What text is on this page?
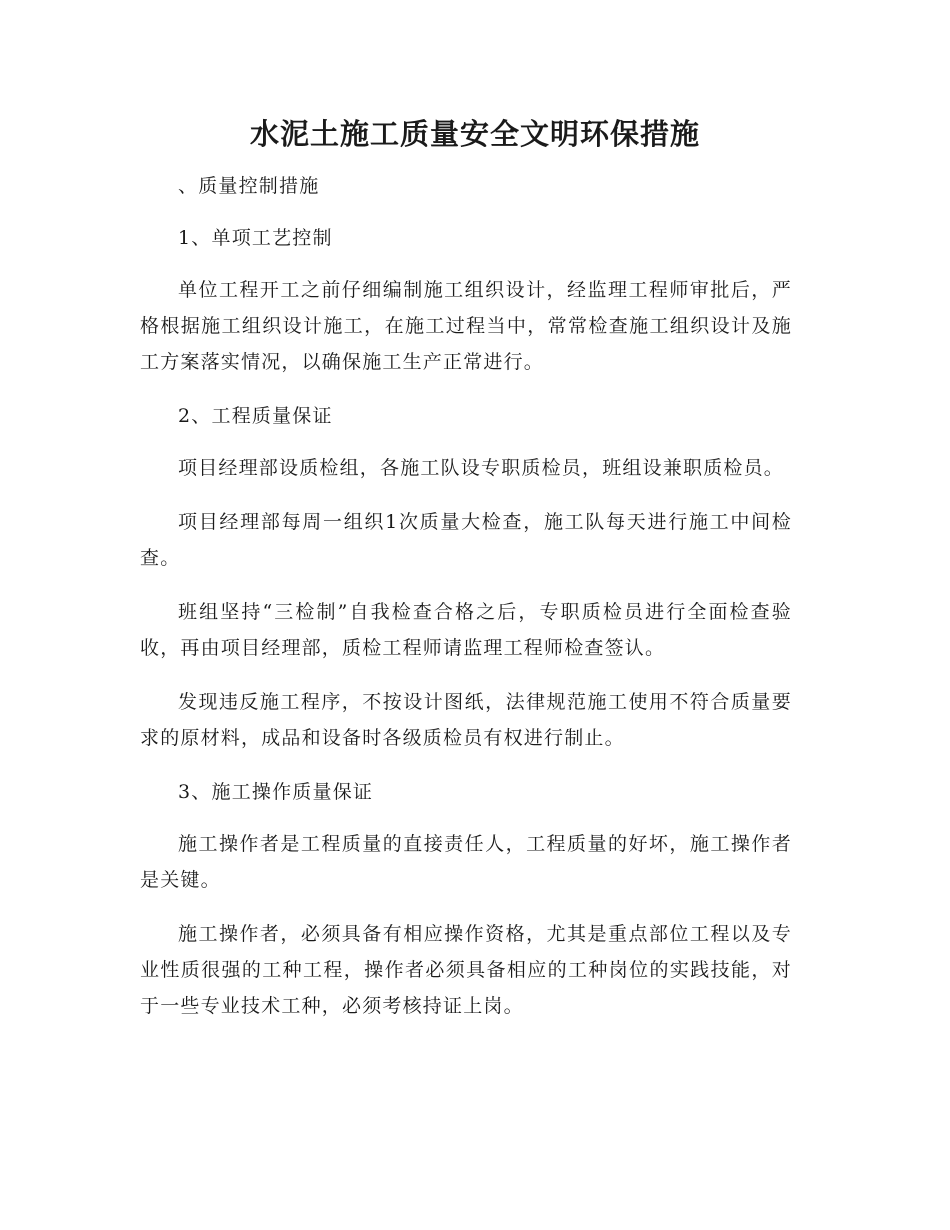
水泥土施工质量安全文明环保措施

、质量控制措施

1、单项工艺控制

单位工程开工之前仔细编制施工组织设计，经监理工程师审批后，严格根据施工组织设计施工，在施工过程当中，常常检查施工组织设计及施工方案落实情况，以确保施工生产正常进行。

2、工程质量保证

项目经理部设质检组，各施工队设专职质检员，班组设兼职质检员。

项目经理部每周一组织1次质量大检查，施工队每天进行施工中间检查。

班组坚持“三检制”自我检查合格之后，专职质检员进行全面检查验收，再由项目经理部，质检工程师请监理工程师检查签认。

发现违反施工程序，不按设计图纸，法律规范施工使用不符合质量要求的原材料，成品和设备时各级质检员有权进行制止。

3、施工操作质量保证

施工操作者是工程质量的直接责任人，工程质量的好坏，施工操作者是关键。

施工操作者，必须具备有相应操作资格，尤其是重点部位工程以及专业性质很强的工种工程，操作者必须具备相应的工种岗位的实践技能，对于一些专业技术工种，必须考核持证上岗。
